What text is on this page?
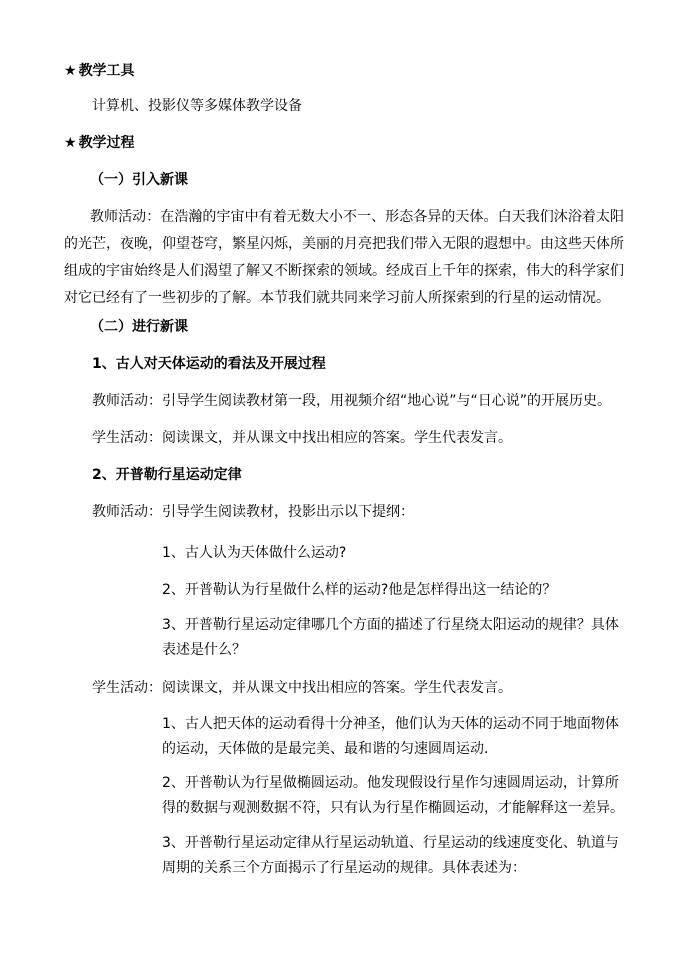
★ 教学工具
计算机、投影仪等多媒体教学设备
★ 教学过程
（一）引入新课
教师活动：在浩瀚的宇宙中有着无数大小不一、形态各异的天体。白天我们沐浴着太阳的光芒，夜晚，仰望苍穹，繁星闪烁，美丽的月亮把我们带入无限的遐想中。由这些天体所组成的宇宙始终是人们渴望了解又不断探索的领域。经成百上千年的探索，伟大的科学家们对它已经有了一些初步的了解。本节我们就共同来学习前人所探索到的行星的运动情况。
（二）进行新课
1、古人对天体运动的看法及开展过程
教师活动：引导学生阅读教材第一段，用视频介绍“地心说”与“日心说”的开展历史。
学生活动：阅读课文，并从课文中找出相应的答案。学生代表发言。
2、开普勒行星运动定律
教师活动：引导学生阅读教材，投影出示以下提纲：
1、古人认为天体做什么运动?
2、开普勒认为行星做什么样的运动?他是怎样得出这一结论的？
3、开普勒行星运动定律哪几个方面的描述了行星绕太阳运动的规律？具体表述是什么？
学生活动：阅读课文，并从课文中找出相应的答案。学生代表发言。
1、古人把天体的运动看得十分神圣，他们认为天体的运动不同于地面物体的运动，天体做的是最完美、最和谐的匀速圆周运动.
2、开普勒认为行星做椭圆运动。他发现假设行星作匀速圆周运动，计算所得的数据与观测数据不符，只有认为行星作椭圆运动，才能解释这一差异。
3、开普勒行星运动定律从行星运动轨道、行星运动的线速度变化、轨道与周期的关系三个方面揭示了行星运动的规律。具体表述为：
